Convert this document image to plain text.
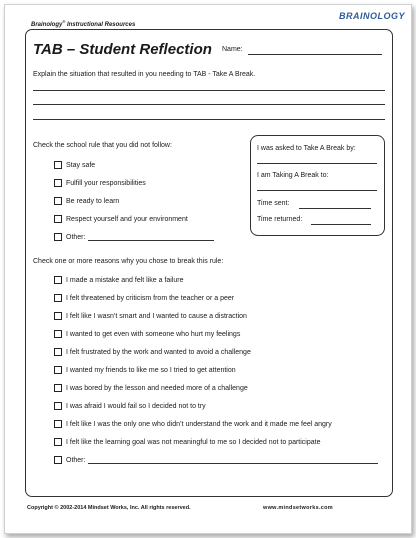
Brainology® Instructional Resources
BRAINOLOGY
TAB – Student Reflection Name:
Explain the situation that resulted in you needing to TAB - Take A Break.
Check the school rule that you did not follow:
Stay safe
Fulfill your responsibilities
Be ready to learn
Respect yourself and your environment
Other:
I was asked to Take A Break by:
I am Taking A Break to:
Time sent:
Time returned:
Check one or more reasons why you chose to break this rule:
I made a mistake and felt like a failure
I felt threatened by criticism from the teacher or a peer
I felt like I wasn’t smart and I wanted to cause a distraction
I wanted to get even with someone who hurt my feelings
I felt frustrated by the work and wanted to avoid a challenge
I wanted my friends to like me so I tried to get attention
I was bored by the lesson and needed more of a challenge
I was afraid I would fail so I decided not to try
I felt like I was the only one who didn’t understand the work and it made me feel angry
I felt like the learning goal was not meaningful to me so I decided not to participate
Other:
Copyright © 2002-2014 Mindset Works, Inc. All rights reserved.	www.mindsetworks.com
